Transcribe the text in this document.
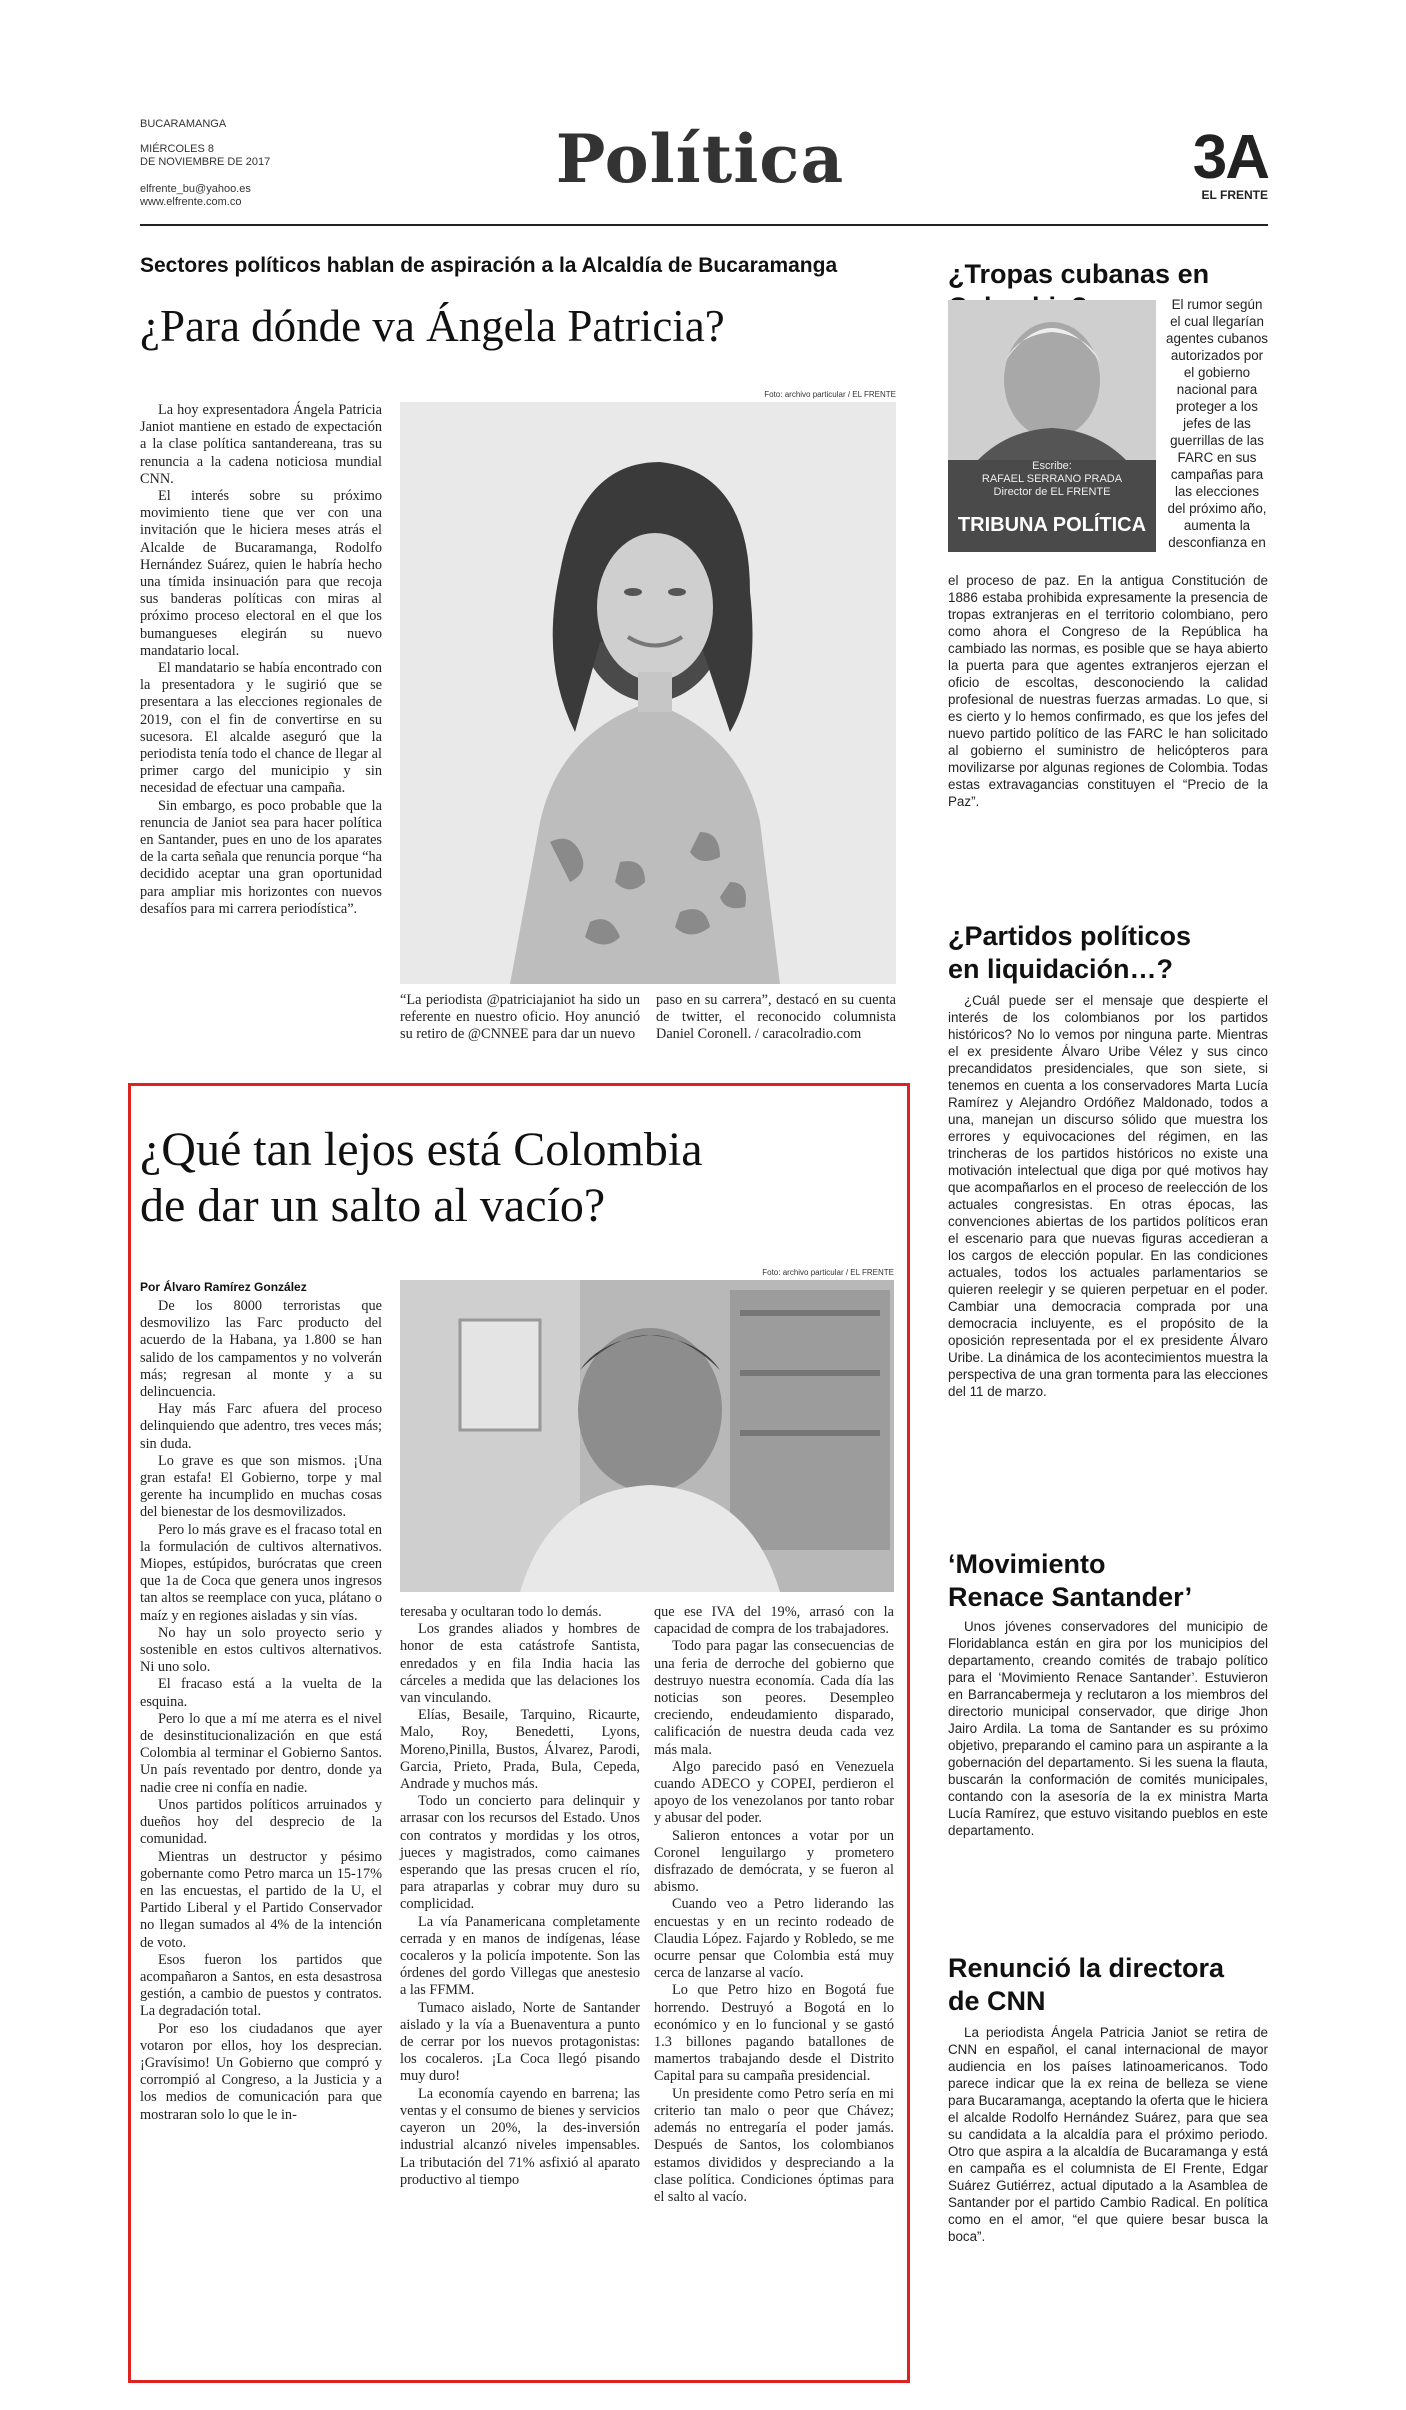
BUCARAMANGA
MIÉRCOLES 8
DE NOVIEMBRE DE 2017
elfrente_bu@yahoo.es
www.elfrente.com.co
Política	3A
EL FRENTE
Sectores políticos hablan de aspiración a la Alcaldía de Bucaramanga
¿Para dónde va Ángela Patricia?

La hoy expresentadora Ángela Patricia Janiot mantiene en estado de expectación a la clase política santandereana, tras su renuncia a la cadena noticiosa mundial CNN.

El interés sobre su próximo movimiento tiene que ver con una invitación que le hiciera meses atrás el Alcalde de Bucaramanga, Rodolfo Hernández Suárez, quien le habría hecho una tímida insinuación para que recoja sus banderas políticas con miras al próximo proceso electoral en el que los bumangueses elegirán su nuevo mandatario local.

El mandatario se había encontrado con la presentadora y le sugirió que se presentara a las elecciones regionales de 2019, con el fin de convertirse en su sucesora. El alcalde aseguró que la periodista tenía todo el chance de llegar al primer cargo del municipio y sin necesidad de efectuar una campaña.

Sin embargo, es poco probable que la renuncia de Janiot sea para hacer política en Santander, pues en uno de los aparates de la carta señala que renuncia porque “ha decidido aceptar una gran oportunidad para ampliar mis horizontes con nuevos desafíos para mi carrera periodística”.

Foto: archivo particular / EL FRENTE
“La periodista @patriciajaniot ha sido un referente en nuestro oficio. Hoy anunció su retiro de @CNNEE para dar un nuevo
paso en su carrera”, destacó en su cuenta de twitter, el reconocido columnista Daniel Coronell. / caracolradio.com
¿Qué tan lejos está Colombia
de dar un salto al vacío?
Por Álvaro Ramírez González
Foto: archivo particular / EL FRENTE

De los 8000 terroristas que desmovilizo las Farc producto del acuerdo de la Habana, ya 1.800 se han salido de los campamentos y no volverán más; regresan al monte y a su delincuencia.

Hay más Farc afuera del proceso delinquiendo que adentro, tres veces más; sin duda.

Lo grave es que son mismos. ¡Una gran estafa! El Gobierno, torpe y mal gerente ha incumplido en muchas cosas del bienestar de los desmovilizados.

Pero lo más grave es el fracaso total en la formulación de cultivos alternativos. Miopes, estúpidos, burócratas que creen que 1a de Coca que genera unos ingresos tan altos se reemplace con yuca, plátano o maíz y en regiones aisladas y sin vías.

No hay un solo proyecto serio y sostenible en estos cultivos alternativos. Ni uno solo.

El fracaso está a la vuelta de la esquina.

Pero lo que a mí me aterra es el nivel de desinstitucionalización en que está Colombia al terminar el Gobierno Santos. Un país reventado por dentro, donde ya nadie cree ni confía en nadie.

Unos partidos políticos arruinados y dueños hoy del desprecio de la comunidad.

Mientras un destructor y pésimo gobernante como Petro marca un 15-17% en las encuestas, el partido de la U, el Partido Liberal y el Partido Conservador no llegan sumados al 4% de la intención de voto.

Esos fueron los partidos que acompañaron a Santos, en esta desastrosa gestión, a cambio de puestos y contratos. La degradación total.

Por eso los ciudadanos que ayer votaron por ellos, hoy los desprecian. ¡Gravísimo! Un Gobierno que compró y corrompió al Congreso, a la Justicia y a los medios de comunicación para que mostraran solo lo que le in-

teresaba y ocultaran todo lo demás.

Los grandes aliados y hombres de honor de esta catástrofe Santista, enredados y en fila India hacia las cárceles a medida que las delaciones los van vinculando.

Elías, Besaile, Tarquino, Ricaurte, Malo, Roy, Benedetti, Lyons, Moreno,Pinilla, Bustos, Álvarez, Parodi, Garcia, Prieto, Prada, Bula, Cepeda, Andrade y muchos más.

Todo un concierto para delinquir y arrasar con los recursos del Estado. Unos con contratos y mordidas y los otros, jueces y magistrados, como caimanes esperando que las presas crucen el río, para atraparlas y cobrar muy duro su complicidad.

La vía Panamericana completamente cerrada y en manos de indígenas, léase cocaleros y la policía impotente. Son las órdenes del gordo Villegas que anestesio a las FFMM.

Tumaco aislado, Norte de Santander aislado y la vía a Buenaventura a punto de cerrar por los nuevos protagonistas: los cocaleros. ¡La Coca llegó pisando muy duro!

La economía cayendo en barrena; las ventas y el consumo de bienes y servicios cayeron un 20%, la des-inversión industrial alcanzó niveles impensables. La tributación del 71% asfixió al aparato productivo al tiempo

que ese IVA del 19%, arrasó con la capacidad de compra de los trabajadores.

Todo para pagar las consecuencias de una feria de derroche del gobierno que destruyo nuestra economía. Cada día las noticias son peores. Desempleo creciendo, endeudamiento disparado, calificación de nuestra deuda cada vez más mala.

Algo parecido pasó en Venezuela cuando ADECO y COPEI, perdieron el apoyo de los venezolanos por tanto robar y abusar del poder.

Salieron entonces a votar por un Coronel lenguilargo y prometero disfrazado de demócrata, y se fueron al abismo.

Cuando veo a Petro liderando las encuestas y en un recinto rodeado de Claudia López. Fajardo y Robledo, se me ocurre pensar que Colombia está muy cerca de lanzarse al vacío.

Lo que Petro hizo en Bogotá fue horrendo. Destruyó a Bogotá en lo económico y en lo funcional y se gastó 1.3 billones pagando batallones de mamertos trabajando desde el Distrito Capital para su campaña presidencial.

Un presidente como Petro sería en mi criterio tan malo o peor que Chávez; además no entregaría el poder jamás. Después de Santos, los colombianos estamos divididos y despreciando a la clase política. Condiciones óptimas para el salto al vacío.

¿Tropas cubanas en
Escribe:
RAFAEL SERRANO PRADA
Director de EL FRENTE
TRIBUNA POLÍTICA
El rumor según el cual llegarían agentes cubanos autorizados por el gobierno nacional para proteger a los jefes de las guerrillas de las FARC en sus campañas para las elecciones del próximo año, aumenta la desconfianza en
el proceso de paz. En la antigua Constitución de 1886 estaba prohibida expresamente la presencia de tropas extranjeras en el territorio colombiano, pero como ahora el Congreso de la República ha cambiado las normas, es posible que se haya abierto la puerta para que agentes extranjeros ejerzan el oficio de escoltas, desconociendo la calidad profesional de nuestras fuerzas armadas. Lo que, si es cierto y lo hemos confirmado, es que los jefes del nuevo partido político de las FARC le han solicitado al gobierno el suministro de helicópteros para movilizarse por algunas regiones de Colombia. Todas estas extravagancias constituyen el “Precio de la Paz”.
¿Partidos políticos
en liquidación…?

¿Cuál puede ser el mensaje que despierte el interés de los colombianos por los partidos históricos? No lo vemos por ninguna parte. Mientras el ex presidente Álvaro Uribe Vélez y sus cinco precandidatos presidenciales, que son siete, si tenemos en cuenta a los conservadores Marta Lucía Ramírez y Alejandro Ordóñez Maldonado, todos a una, manejan un discurso sólido que muestra los errores y equivocaciones del régimen, en las trincheras de los partidos históricos no existe una motivación intelectual que diga por qué motivos hay que acompañarlos en el proceso de reelección de los actuales congresistas. En otras épocas, las convenciones abiertas de los partidos políticos eran el escenario para que nuevas figuras accedieran a los cargos de elección popular. En las condiciones actuales, todos los actuales parlamentarios se quieren reelegir y se quieren perpetuar en el poder. Cambiar una democracia comprada por una democracia incluyente, es el propósito de la oposición representada por el ex presidente Álvaro Uribe. La dinámica de los acontecimientos muestra la perspectiva de una gran tormenta para las elecciones del 11 de marzo.

‘Movimiento
Renace Santander’

Unos jóvenes conservadores del municipio de Floridablanca están en gira por los municipios del departamento, creando comités de trabajo político para el ‘Movimiento Renace Santander’. Estuvieron en Barrancabermeja y reclutaron a los miembros del directorio municipal conservador, que dirige Jhon Jairo Ardila. La toma de Santander es su próximo objetivo, preparando el camino para un aspirante a la gobernación del departamento. Si les suena la flauta, buscarán la conformación de comités municipales, contando con la asesoría de la ex ministra Marta Lucía Ramírez, que estuvo visitando pueblos en este departamento.

Renunció la directora
de CNN

La periodista Ángela Patricia Janiot se retira de CNN en español, el canal internacional de mayor audiencia en los países latinoamericanos. Todo parece indicar que la ex reina de belleza se viene para Bucaramanga, aceptando la oferta que le hiciera el alcalde Rodolfo Hernández Suárez, para que sea su candidata a la alcaldía para el próximo periodo. Otro que aspira a la alcaldía de Bucaramanga y está en campaña es el columnista de El Frente, Edgar Suárez Gutiérrez, actual diputado a la Asamblea de Santander por el partido Cambio Radical. En política como en el amor, “el que quiere besar busca la boca”.
